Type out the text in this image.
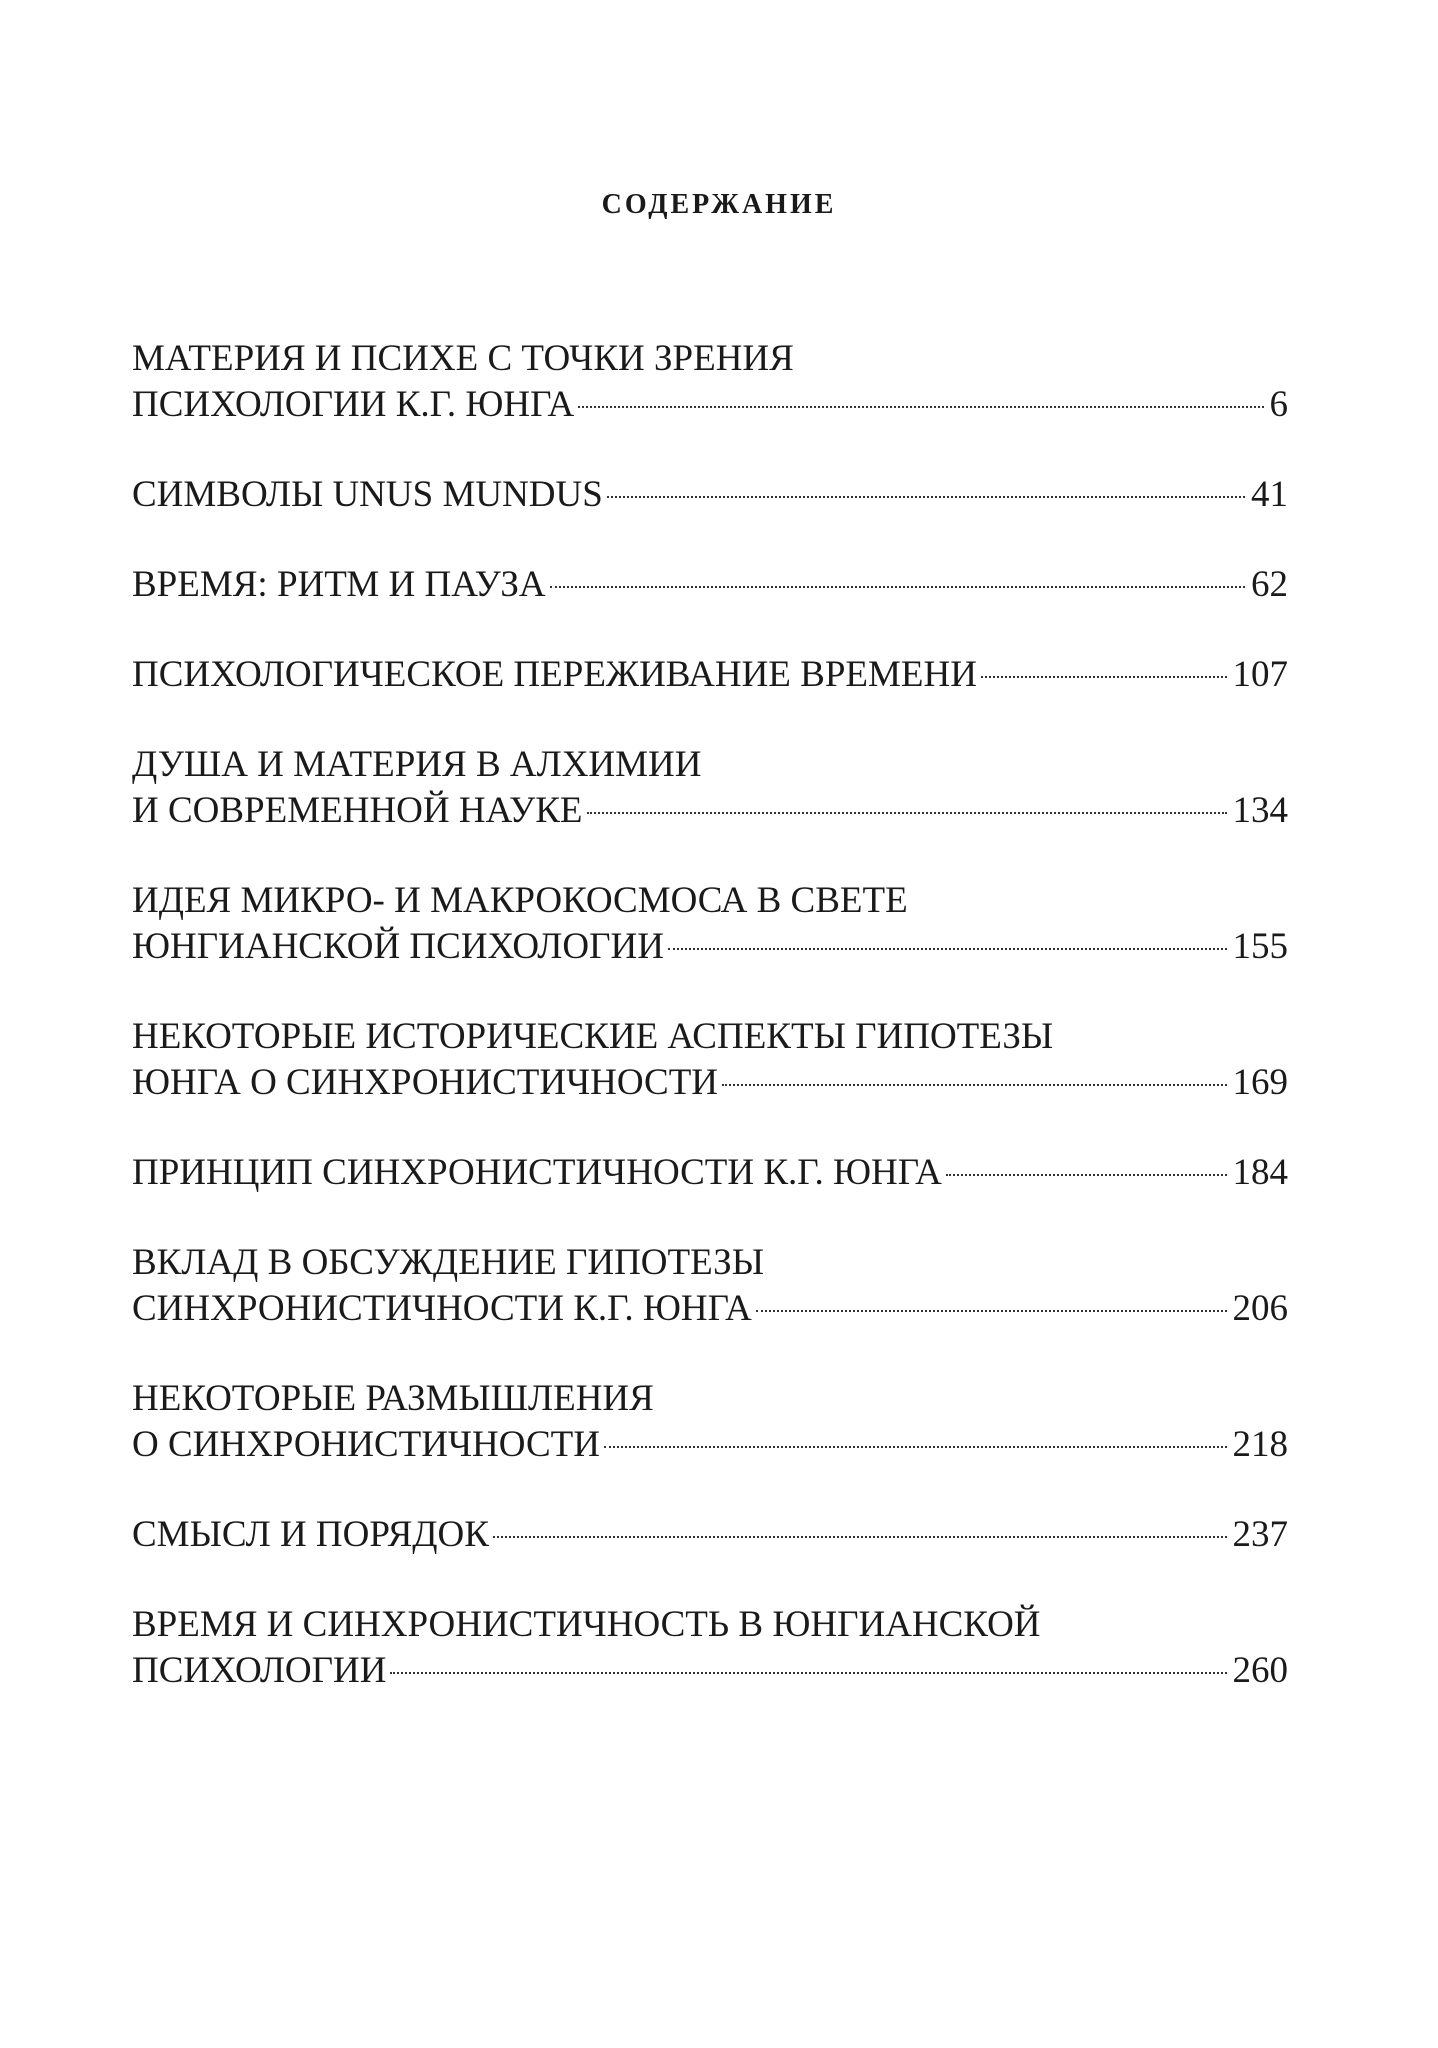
содержание
МАТЕРИЯ И ПСИХЕ С ТОЧКИ ЗРЕНИЯ
ПСИХОЛОГИИ К.Г. ЮНГА	6
СИМВОЛЫ UNUS MUNDUS	41
ВРЕМЯ: РИТМ И ПАУЗА	62
ПСИХОЛОГИЧЕСКОЕ ПЕРЕЖИВАНИЕ ВРЕМЕНИ	107
ДУША И МАТЕРИЯ В АЛХИМИИ
И СОВРЕМЕННОЙ НАУКЕ	134
ИДЕЯ МИКРО- И МАКРОКОСМОСА В СВЕТЕ
ЮНГИАНСКОЙ ПСИХОЛОГИИ	155
НЕКОТОРЫЕ ИСТОРИЧЕСКИЕ АСПЕКТЫ ГИПОТЕЗЫ
ЮНГА О СИНХРОНИСТИЧНОСТИ	169
ПРИНЦИП СИНХРОНИСТИЧНОСТИ К.Г. ЮНГА	184
ВКЛАД В ОБСУЖДЕНИЕ ГИПОТЕЗЫ
СИНХРОНИСТИЧНОСТИ К.Г. ЮНГА	206
НЕКОТОРЫЕ РАЗМЫШЛЕНИЯ
О СИНХРОНИСТИЧНОСТИ	218
СМЫСЛ И ПОРЯДОК	237
ВРЕМЯ И СИНХРОНИСТИЧНОСТЬ В ЮНГИАНСКОЙ
ПСИХОЛОГИИ	260
